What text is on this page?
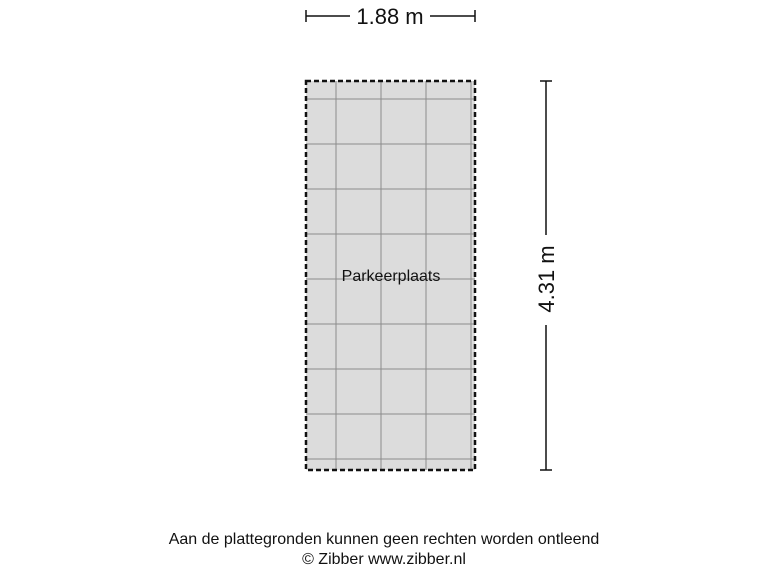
1.88 m
4.31 m
Parkeerplaats
Aan de plattegronden kunnen geen rechten worden ontleend
© Zibber www.zibber.nl
